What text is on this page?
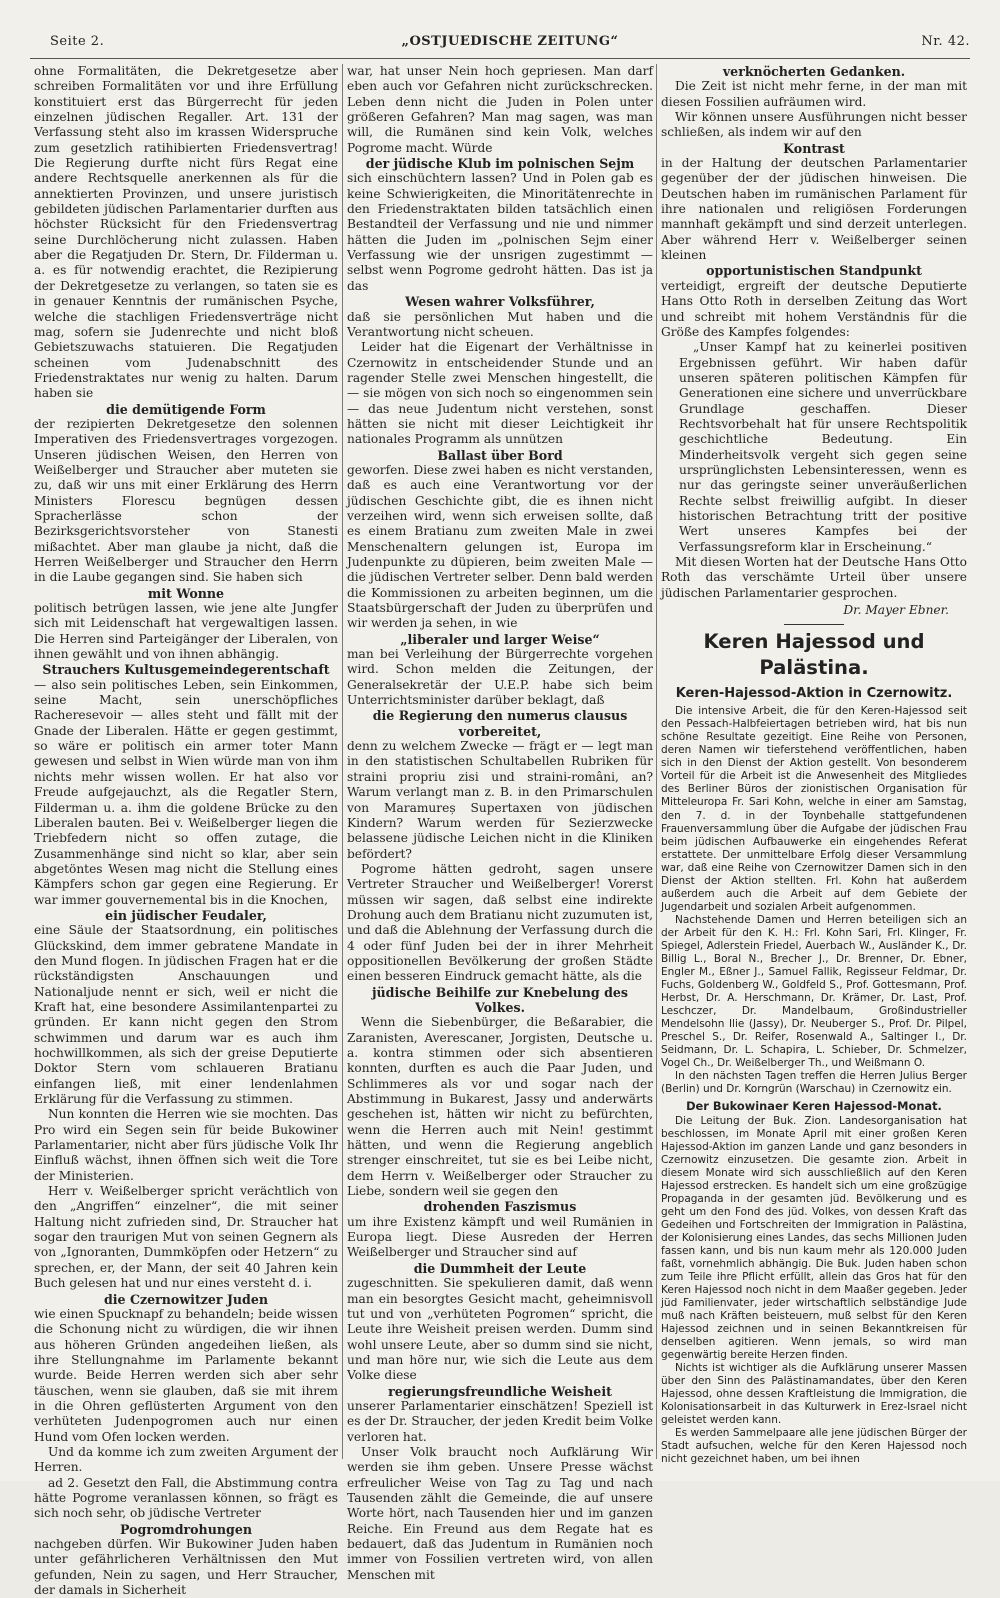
Seite 2.	„OSTJUEDISCHE ZEITUNG“	Nr. 42.

ohne Formalitäten, die Dekretgesetze aber schreiben Formalitäten vor und ihre Erfüllung konstituiert erst das Bürgerrecht für jeden einzelnen jüdischen Regaller. Art. 131 der Verfassung steht also im krassen Widerspruche zum gesetzlich ratihibierten Friedensvertrag! Die Regierung durfte nicht fürs Regat eine andere Rechtsquelle anerkennen als für die annektierten Provinzen, und unsere juristisch gebildeten jüdischen Parlamentarier durften aus höchster Rücksicht für den Friedensvertrag seine Durchlöcherung nicht zulassen. Haben aber die Regatjuden Dr. Stern, Dr. Filderman u. a. es für notwendig erachtet, die Rezipierung der Dekretgesetze zu verlangen, so taten sie es in genauer Kenntnis der rumänischen Psyche, welche die stachligen Friedensverträge nicht mag, sofern sie Judenrechte und nicht bloß Gebietszuwachs statuieren. Die Regatjuden scheinen vom Judenabschnitt des Friedenstraktates nur wenig zu halten. Darum haben sie

die demütigende Form

der rezipierten Dekretgesetze den solennen Imperativen des Friedensvertrages vorgezogen. Unseren jüdischen Weisen, den Herren von Weißelberger und Straucher aber muteten sie zu, daß wir uns mit einer Erklärung des Herrn Ministers Florescu begnügen dessen Spracherlässe schon der Bezirksgerichtsvorsteher von Stanesti mißachtet. Aber man glaube ja nicht, daß die Herren Weißelberger und Straucher den Herrn in die Laube gegangen sind. Sie haben sich

mit Wonne

politisch betrügen lassen, wie jene alte Jungfer sich mit Leidenschaft hat vergewaltigen lassen. Die Herren sind Parteigänger der Liberalen, von ihnen gewählt und von ihnen abhängig.

Strauchers Kultusgemeindegerentschaft

— also sein politisches Leben, sein Einkommen, seine Macht, sein unerschöpfliches Racheresevoir — alles steht und fällt mit der Gnade der Liberalen. Hätte er gegen gestimmt, so wäre er politisch ein armer toter Mann gewesen und selbst in Wien würde man von ihm nichts mehr wissen wollen. Er hat also vor Freude aufgejauchzt, als die Regatler Stern, Filderman u. a. ihm die goldene Brücke zu den Liberalen bauten. Bei v. Weißelberger liegen die Triebfedern nicht so offen zutage, die Zusammenhänge sind nicht so klar, aber sein abgetöntes Wesen mag nicht die Stellung eines Kämpfers schon gar gegen eine Regierung. Er war immer gouvernemental bis in die Knochen,

ein jüdischer Feudaler,

eine Säule der Staatsordnung, ein politisches Glückskind, dem immer gebratene Mandate in den Mund flogen. In jüdischen Fragen hat er die rückständigsten Anschauungen und Nationaljude nennt er sich, weil er nicht die Kraft hat, eine besondere Assimilantenpartei zu gründen. Er kann nicht gegen den Strom schwimmen und darum war es auch ihm hochwillkommen, als sich der greise Deputierte Doktor Stern vom schlaueren Bratianu einfangen ließ, mit einer lendenlahmen Erklärung für die Verfassung zu stimmen.

Nun konnten die Herren wie sie mochten. Das Pro wird ein Segen sein für beide Bukowiner Parlamentarier, nicht aber fürs jüdische Volk Ihr Einfluß wächst, ihnen öffnen sich weit die Tore der Ministerien.

Herr v. Weißelberger spricht verächtlich von den „Angriffen“ einzelner“, die mit seiner Haltung nicht zufrieden sind, Dr. Straucher hat sogar den traurigen Mut von seinen Gegnern als von „Ignoranten, Dummköpfen oder Hetzern“ zu sprechen, er, der Mann, der seit 40 Jahren kein Buch gelesen hat und nur eines versteht d. i.

die Czernowitzer Juden

wie einen Spucknapf zu behandeln; beide wissen die Schonung nicht zu würdigen, die wir ihnen aus höheren Gründen angedeihen ließen, als ihre Stellungnahme im Parlamente bekannt wurde. Beide Herren werden sich aber sehr täuschen, wenn sie glauben, daß sie mit ihrem in die Ohren geflüsterten Argument von den verhüteten Judenpogromen auch nur einen Hund vom Ofen locken werden.

Und da komme ich zum zweiten Argument der Herren.

ad 2. Gesetzt den Fall, die Abstimmung contra hätte Pogrome veranlassen können, so frägt es sich noch sehr, ob jüdische Vertreter

Pogromdrohungen

nachgeben dürfen. Wir Bukowiner Juden haben unter gefährlicheren Verhältnissen den Mut gefunden, Nein zu sagen, und Herr Straucher, der damals in Sicherheit

war, hat unser Nein hoch gepriesen. Man darf eben auch vor Gefahren nicht zurückschrecken. Leben denn nicht die Juden in Polen unter größeren Gefahren? Man mag sagen, was man will, die Rumänen sind kein Volk, welches Pogrome macht. Würde

der jüdische Klub im polnischen Sejm

sich einschüchtern lassen? Und in Polen gab es keine Schwierigkeiten, die Minoritätenrechte in den Friedenstraktaten bilden tatsächlich einen Bestandteil der Verfassung und nie und nimmer hätten die Juden im „polnischen Sejm einer Verfassung wie der unsrigen zugestimmt — selbst wenn Pogrome gedroht hätten. Das ist ja das

Wesen wahrer Volksführer,

daß sie persönlichen Mut haben und die Verantwortung nicht scheuen.

Leider hat die Eigenart der Verhältnisse in Czernowitz in entscheidender Stunde und an ragender Stelle zwei Menschen hingestellt, die — sie mögen von sich noch so eingenommen sein — das neue Judentum nicht verstehen, sonst hätten sie nicht mit dieser Leichtigkeit ihr nationales Programm als unnützen

Ballast über Bord

geworfen. Diese zwei haben es nicht verstanden, daß es auch eine Verantwortung vor der jüdischen Geschichte gibt, die es ihnen nicht verzeihen wird, wenn sich erweisen sollte, daß es einem Bratianu zum zweiten Male in zwei Menschenaltern gelungen ist, Europa im Judenpunkte zu düpieren, beim zweiten Male — die jüdischen Vertreter selber. Denn bald werden die Kommissionen zu arbeiten beginnen, um die Staatsbürgerschaft der Juden zu überprüfen und wir werden ja sehen, in wie

„liberaler und larger Weise“

man bei Verleihung der Bürgerrechte vorgehen wird. Schon melden die Zeitungen, der Generalsekretär der U.E.P. habe sich beim Unterrichtsminister darüber beklagt, daß

die Regierung den numerus clausus vorbereitet,

denn zu welchem Zwecke — frägt er — legt man in den statistischen Schultabellen Rubriken für straini propriu zisi und straini-români, an? Warum verlangt man z. B. in den Primarschulen von Maramureș Supertaxen von jüdischen Kindern? Warum werden für Sezierzwecke belassene jüdische Leichen nicht in die Kliniken befördert?

Pogrome hätten gedroht, sagen unsere Vertreter Straucher und Weißelberger! Vorerst müssen wir sagen, daß selbst eine indirekte Drohung auch dem Bratianu nicht zuzumuten ist, und daß die Ablehnung der Verfassung durch die 4 oder fünf Juden bei der in ihrer Mehrheit oppositionellen Bevölkerung der großen Städte einen besseren Eindruck gemacht hätte, als die

jüdische Beihilfe zur Knebelung des Volkes.

Wenn die Siebenbürger, die Beßarabier, die Zaranisten, Averescaner, Jorgisten, Deutsche u. a. kontra stimmen oder sich absentieren konnten, durften es auch die Paar Juden, und Schlimmeres als vor und sogar nach der Abstimmung in Bukarest, Jassy und anderwärts geschehen ist, hätten wir nicht zu befürchten, wenn die Herren auch mit Nein! gestimmt hätten, und wenn die Regierung angeblich strenger einschreitet, tut sie es bei Leibe nicht, dem Herrn v. Weißelberger oder Straucher zu Liebe, sondern weil sie gegen den

drohenden Faszismus

um ihre Existenz kämpft und weil Rumänien in Europa liegt. Diese Ausreden der Herren Weißelberger und Straucher sind auf

die Dummheit der Leute

zugeschnitten. Sie spekulieren damit, daß wenn man ein besorgtes Gesicht macht, geheimnisvoll tut und von „verhüteten Pogromen“ spricht, die Leute ihre Weisheit preisen werden. Dumm sind wohl unsere Leute, aber so dumm sind sie nicht, und man höre nur, wie sich die Leute aus dem Volke diese

regierungsfreundliche Weisheit

unserer Parlamentarier einschätzen! Speziell ist es der Dr. Straucher, der jeden Kredit beim Volke verloren hat.

Unser Volk braucht noch Aufklärung Wir werden sie ihm geben. Unsere Presse wächst erfreulicher Weise von Tag zu Tag und nach Tausenden zählt die Gemeinde, die auf unsere Worte hört, nach Tausenden hier und im ganzen Reiche. Ein Freund aus dem Regate hat es bedauert, daß das Judentum in Rumänien noch immer von Fossilien vertreten wird, von allen Menschen mit

verknöcherten Gedanken.

Die Zeit ist nicht mehr ferne, in der man mit diesen Fossilien aufräumen wird.

Wir können unsere Ausführungen nicht besser schließen, als indem wir auf den

Kontrast

in der Haltung der deutschen Parlamentarier gegenüber der der jüdischen hinweisen. Die Deutschen haben im rumänischen Parlament für ihre nationalen und religiösen Forderungen mannhaft gekämpft und sind derzeit unterlegen. Aber während Herr v. Weißelberger seinen kleinen

opportunistischen Standpunkt

verteidigt, ergreift der deutsche Deputierte Hans Otto Roth in derselben Zeitung das Wort und schreibt mit hohem Verständnis für die Größe des Kampfes folgendes:

„Unser Kampf hat zu keinerlei positiven Ergebnissen geführt. Wir haben dafür unseren späteren politischen Kämpfen für Generationen eine sichere und unverrückbare Grundlage geschaffen. Dieser Rechtsvorbehalt hat für unsere Rechtspolitik geschichtliche Bedeutung. Ein Minderheitsvolk vergeht sich gegen seine ursprünglichsten Lebensinteressen, wenn es nur das geringste seiner unveräußerlichen Rechte selbst freiwillig aufgibt. In dieser historischen Betrachtung tritt der positive Wert unseres Kampfes bei der Verfassungsreform klar in Erscheinung.“

Mit diesen Worten hat der Deutsche Hans Otto Roth das verschämte Urteil über unsere jüdischen Parlamentarier gesprochen.

Dr. Mayer Ebner.
Keren Hajessod und Palästina.
Keren-Hajessod-Aktion in Czernowitz.

Die intensive Arbeit, die für den Keren-Hajessod seit den Pessach-Halbfeiertagen betrieben wird, hat bis nun schöne Resultate gezeitigt. Eine Reihe von Personen, deren Namen wir tieferstehend veröffentlichen, haben sich in den Dienst der Aktion gestellt. Von besonderem Vorteil für die Arbeit ist die Anwesenheit des Mitgliedes des Berliner Büros der zionistischen Organisation für Mitteleuropa Fr. Sari Kohn, welche in einer am Samstag, den 7. d. in der Toynbehalle stattgefundenen Frauenversammlung über die Aufgabe der jüdischen Frau beim jüdischen Aufbauwerke ein eingehendes Referat erstattete. Der unmittelbare Erfolg dieser Versammlung war, daß eine Reihe von Czernowitzer Damen sich in den Dienst der Aktion stellten. Frl. Kohn hat außerdem außerdem auch die Arbeit auf dem Gebiete der Jugendarbeit und sozialen Arbeit aufgenommen.

Nachstehende Damen und Herren beteiligen sich an der Arbeit für den K. H.: Frl. Kohn Sari, Frl. Klinger, Fr. Spiegel, Adlerstein Friedel, Auerbach W., Ausländer K., Dr. Billig L., Boral N., Brecher J., Dr. Brenner, Dr. Ebner, Engler M., Eßner J., Samuel Fallik, Regisseur Feldmar, Dr. Fuchs, Goldenberg W., Goldfeld S., Prof. Gottesmann, Prof. Herbst, Dr. A. Herschmann, Dr. Krämer, Dr. Last, Prof. Leschczer, Dr. Mandelbaum, Großindustrieller Mendelsohn Ilie (Jassy), Dr. Neuberger S., Prof. Dr. Pilpel, Preschel S., Dr. Reifer, Rosenwald A., Saltinger I., Dr. Seidmann, Dr. L. Schapira, L. Schieber, Dr. Schmelzer, Vogel Ch., Dr. Weißelberger Th., und Weißmann O.

In den nächsten Tagen treffen die Herren Julius Berger (Berlin) und Dr. Korngrün (Warschau) in Czernowitz ein.

Der Bukowinaer Keren Hajessod-Monat.

Die Leitung der Buk. Zion. Landesorganisation hat beschlossen, im Monate April mit einer großen Keren Hajessod-Aktion im ganzen Lande und ganz besonders in Czernowitz einzusetzen. Die gesamte zion. Arbeit in diesem Monate wird sich ausschließlich auf den Keren Hajessod erstrecken. Es handelt sich um eine großzügige Propaganda in der gesamten jüd. Bevölkerung und es geht um den Fond des jüd. Volkes, von dessen Kraft das Gedeihen und Fortschreiten der Immigration in Palästina, der Kolonisierung eines Landes, das sechs Millionen Juden fassen kann, und bis nun kaum mehr als 120.000 Juden faßt, vornehmlich abhängig. Die Buk. Juden haben schon zum Teile ihre Pflicht erfüllt, allein das Gros hat für den Keren Hajessod noch nicht in dem Maaßer gegeben. Jeder jüd Familienvater, jeder wirtschaftlich selbständige Jude muß nach Kräften beisteuern, muß selbst für den Keren Hajessod zeichnen und in seinen Bekanntkreisen für denselben agitieren. Wenn jemals, so wird man gegenwärtig bereite Herzen finden.

Nichts ist wichtiger als die Aufklärung unserer Massen über den Sinn des Palästinamandates, über den Keren Hajessod, ohne dessen Kraftleistung die Immigration, die Kolonisationsarbeit in das Kulturwerk in Erez-Israel nicht geleistet werden kann.

Es werden Sammelpaare alle jene jüdischen Bürger der Stadt aufsuchen, welche für den Keren Hajessod noch nicht gezeichnet haben, um bei ihnen
